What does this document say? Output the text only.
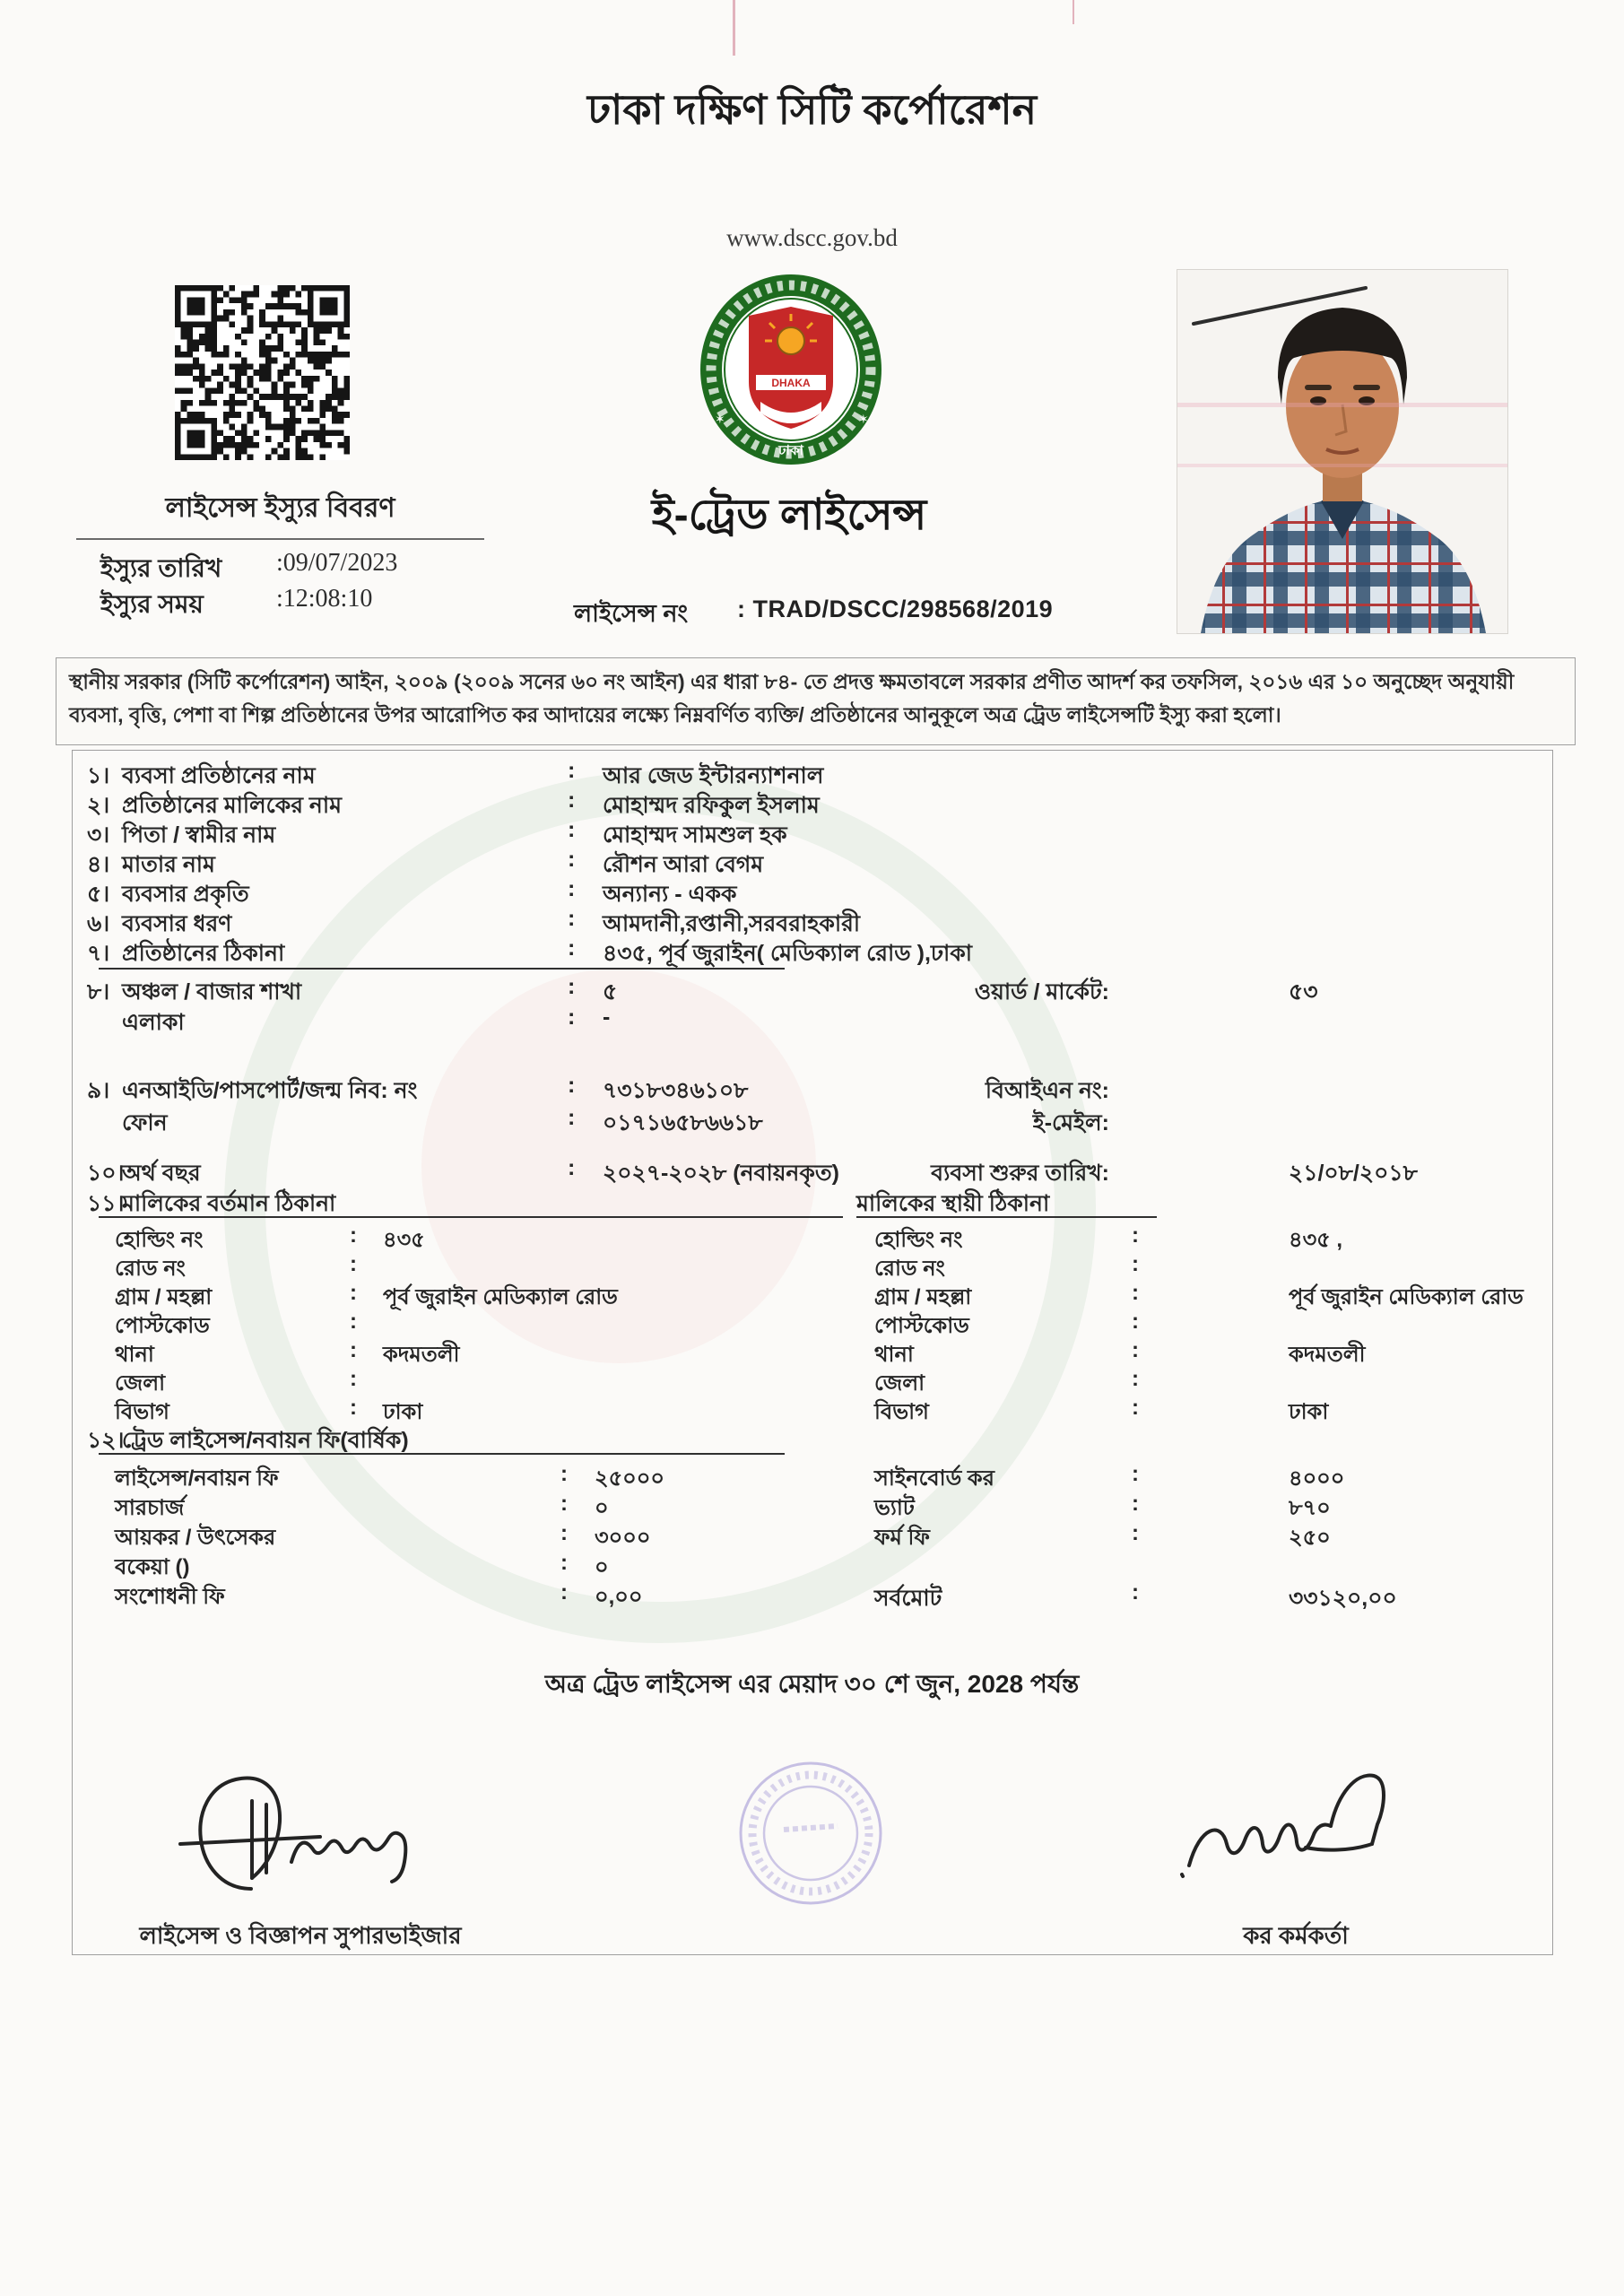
ঢাকা দক্ষিণ সিটি কর্পোরেশন
www.dscc.gov.bd
DHAKA
ঢাকা
✶	✶
লাইসেন্স ইস্যুর বিবরণ
ইস্যুর তারিখ :09/07/2023
ইস্যুর সময়	:12:08:10
ই-ট্রেড লাইসেন্স
লাইসেন্স নং : TRAD/DSCC/298568/2019
স্থানীয় সরকার (সিটি কর্পোরেশন) আইন, ২০০৯ (২০০৯ সনের ৬০ নং আইন) এর ধারা ৮৪- তে প্রদত্ত ক্ষমতাবলে সরকার প্রণীত আদর্শ কর তফসিল, ২০১৬ এর ১০ অনুচ্ছেদ অনুযায়ী ব্যবসা, বৃত্তি, পেশা বা শিল্প প্রতিষ্ঠানের উপর আরোপিত কর আদায়ের লক্ষ্যে নিম্নবর্ণিত ব্যক্তি/ প্রতিষ্ঠানের আনুকূলে অত্র ট্রেড লাইসেন্সটি ইস্যু করা হলো।
১। ব্যবসা প্রতিষ্ঠানের নাম	: আর জেড ইন্টারন্যাশনাল
২। প্রতিষ্ঠানের মালিকের নাম	: মোহাম্মদ রফিকুল ইসলাম
৩। পিতা / স্বামীর নাম	: মোহাম্মদ সামশুল হক
৪। মাতার নাম	: রৌশন আরা বেগম
৫। ব্যবসার প্রকৃতি	: অন্যান্য - একক
৬। ব্যবসার ধরণ	: আমদানী,রপ্তানী,সরবরাহকারী
৭। প্রতিষ্ঠানের ঠিকানা	: ৪৩৫, পূর্ব জুরাইন( মেডিক্যাল রোড ),ঢাকা
৮। অঞ্চল / বাজার শাখা	: ৫	ওয়ার্ড / মার্কেট:	৫৩
এলাকা	: -
৯। এনআইডি/পাসপোর্ট/জন্ম নিব: নং	: ৭৩১৮৩৪৬১০৮	বিআইএন নং:
ফোন	: ০১৭১৬৫৮৬৬১৮	ই-মেইল:
১০।
অর্থ বছর	: ২০২৭-২০২৮ (নবায়নকৃত)	ব্যবসা শুরুর তারিখ:	২১/০৮/২০১৮
১১।
মালিকের বর্তমান ঠিকানা	মালিকের স্থায়ী ঠিকানা
হোল্ডিং নং	: ৪৩৫	হোল্ডিং নং	:	৪৩৫ ,
রোড নং	:	রোড নং	:
গ্রাম / মহল্লা	: পূর্ব জুরাইন মেডিক্যাল রোড	গ্রাম / মহল্লা	:	পূর্ব জুরাইন মেডিক্যাল রোড
পোস্টকোড	:	পোস্টকোড	:
থানা	: কদমতলী	থানা	:	কদমতলী
জেলা	:	জেলা	:
বিভাগ	: ঢাকা	বিভাগ	:	ঢাকা
১২।
ট্রেড লাইসেন্স/নবায়ন ফি(বার্ষিক)
লাইসেন্স/নবায়ন ফি	: ২৫০০০	সাইনবোর্ড কর	:	৪০০০
সারচার্জ	: ০	ভ্যাট	:	৮৭০
আয়কর / উৎসেকর	: ৩০০০	ফর্ম ফি	:	২৫০
বকেয়া ()	: ০
সংশোধনী ফি	: ০,০০	সর্বমোট	:	৩৩১২০,০০
অত্র ট্রেড লাইসেন্স এর মেয়াদ ৩০ শে জুন, 2028 পর্যন্ত
লাইসেন্স ও বিজ্ঞাপন সুপারভাইজার	কর কর্মকর্তা
